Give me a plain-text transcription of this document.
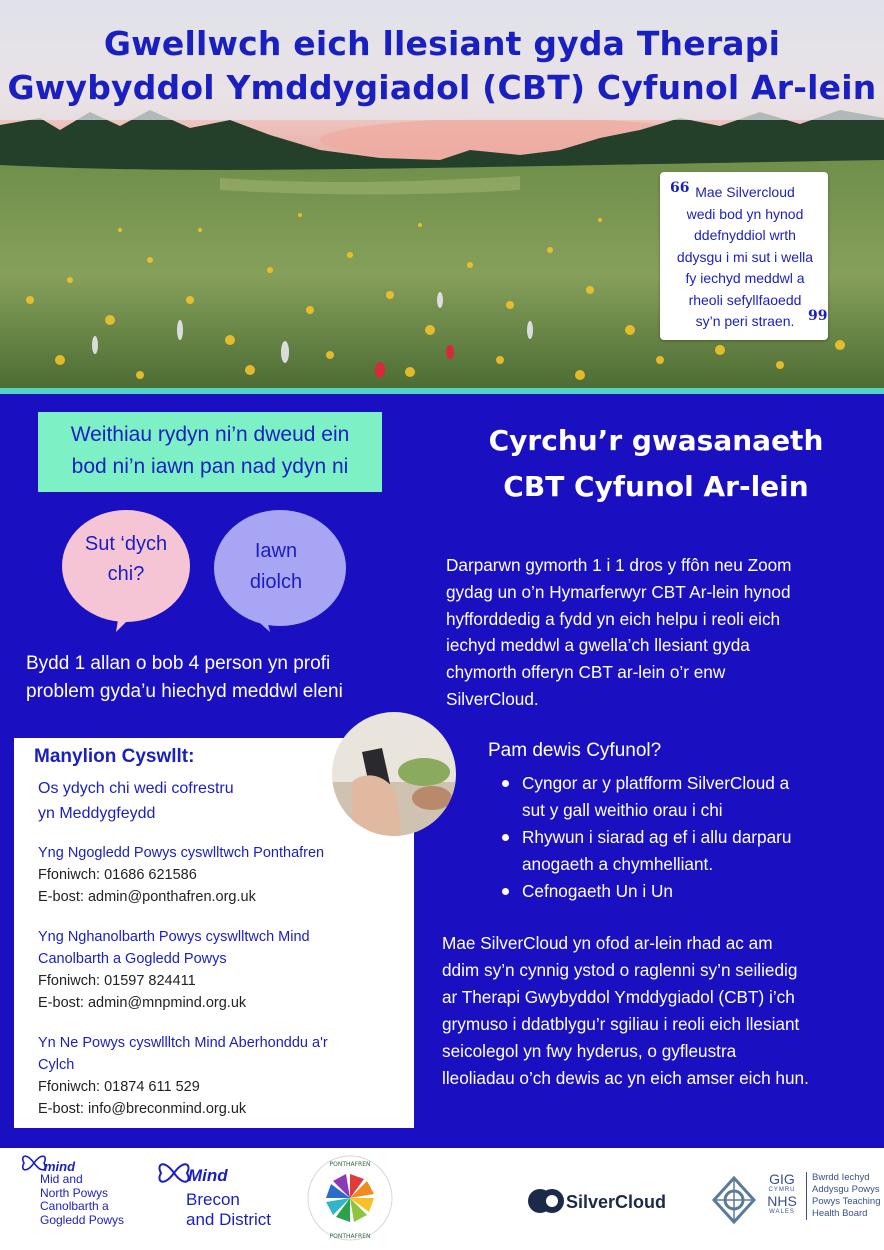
Gwellwch eich llesiant gyda Therapi
Gwybyddol Ymddygiadol (CBT) Cyfunol Ar-lein
66 Mae Silvercloud
wedi bod yn hynod
ddefnyddiol wrth
ddysgu i mi sut i wella
fy iechyd meddwl a
rheoli sefyllfaoedd
sy’n peri straen. 99
Weithiau rydyn ni’n dweud ein
bod ni’n iawn pan nad ydyn ni
Sut ‘dych
chi?
Iawn
diolch
Bydd 1 allan o bob 4 person yn profi
problem gyda’u hiechyd meddwl eleni
Manylion Cyswllt:
Os ydych chi wedi cofrestru
yn Meddygfeydd
Yng Ngogledd Powys cyswlltwch Ponthafren
Ffoniwch: 01686 621586
E-bost: admin@ponthafren.org.uk
Yng Nghanolbarth Powys cyswlltwch Mind
Canolbarth a Gogledd Powys
Ffoniwch: 01597 824411
E-bost: admin@mnpmind.org.uk
Yn Ne Powys cyswllltch Mind Aberhonddu a'r
Cylch
Ffoniwch: 01874 611 529
E-bost: info@breconmind.org.uk
Cyrchu’r gwasanaeth
CBT Cyfunol Ar-lein
Darparwn gymorth 1 i 1 dros y ffôn neu Zoom
gydag un o’n Hymarferwyr CBT Ar-lein hynod
hyfforddedig a fydd yn eich helpu i reoli eich
iechyd meddwl a gwella’ch llesiant gyda
chymorth offeryn CBT ar-lein o’r enw
SilverCloud.
Pam dewis Cyfunol?
Cyngor ar y platfform SilverCloud a
sut y gall weithio orau i chi
Rhywun i siarad ag ef i allu darparu
anogaeth a chymhelliant.
Cefnogaeth Un i Un
Mae SilverCloud yn ofod ar-lein rhad ac am
ddim sy’n cynnig ystod o raglenni sy’n seiliedig
ar Therapi Gwybyddol Ymddygiadol (CBT) i’ch
grymuso i ddatblygu’r sgiliau i reoli eich llesiant
seicolegol yn fwy hyderus, o gyfleustra
lleoliadau o’ch dewis ac yn eich amser eich hun.
mind
Mid and
North Powys
Canolbarth a
Gogledd Powys
Mind
Brecon
and District
PONTHAFREN
PONTHAFREN
SilverCloud
GIG
CYMRU
NHS
WALES
Bwrdd Iechyd
Addysgu Powys
Powys Teaching
Health Board
